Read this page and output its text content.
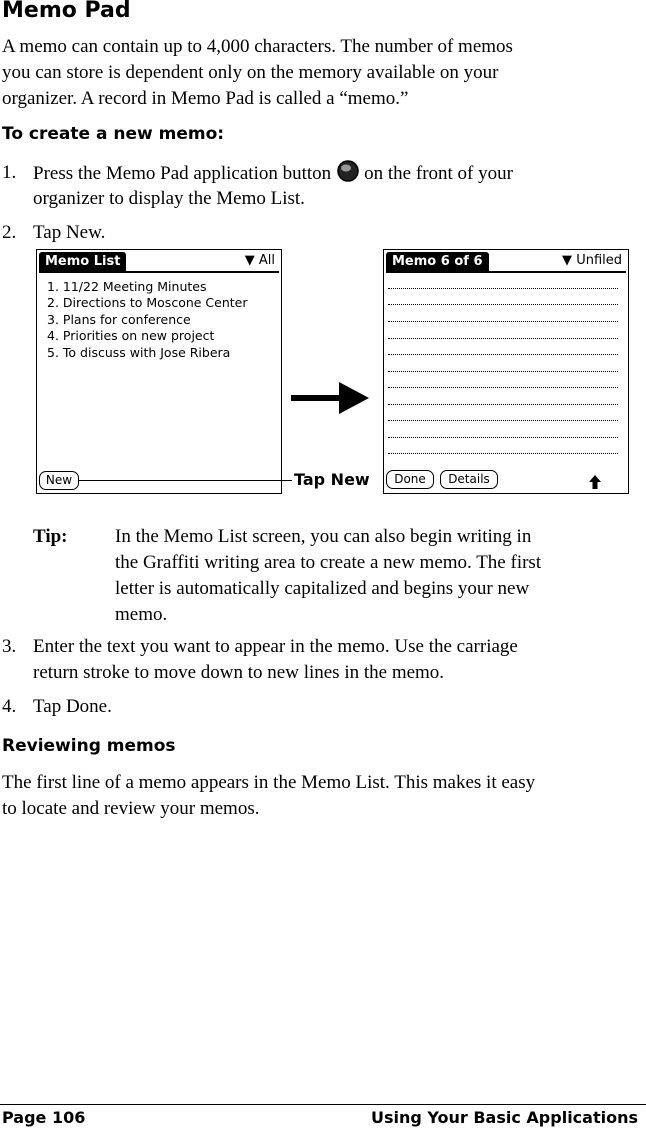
Memo Pad
A memo can contain up to 4,000 characters. The number of memos
you can store is dependent only on the memory available on your
organizer. A record in Memo Pad is called a “memo.”
To create a new memo:
1. Press the Memo Pad application button on the front of your
organizer to display the Memo List.
2. Tap New.
Memo List	▼ All
1. 11/22 Meeting Minutes
2. Directions to Moscone Center
3. Plans for conference
4. Priorities on new project
5. To discuss with Jose Ribera
New	Tap New
Memo 6 of 6	▼ Unfiled
Done	Details
Tip: In the Memo List screen, you can also begin writing in
the Graffiti writing area to create a new memo. The first
letter is automatically capitalized and begins your new
memo.
3. Enter the text you want to appear in the memo. Use the carriage
return stroke to move down to new lines in the memo.
4. Tap Done.
Reviewing memos
The first line of a memo appears in the Memo List. This makes it easy
to locate and review your memos.
Page 106	Using Your Basic Applications
